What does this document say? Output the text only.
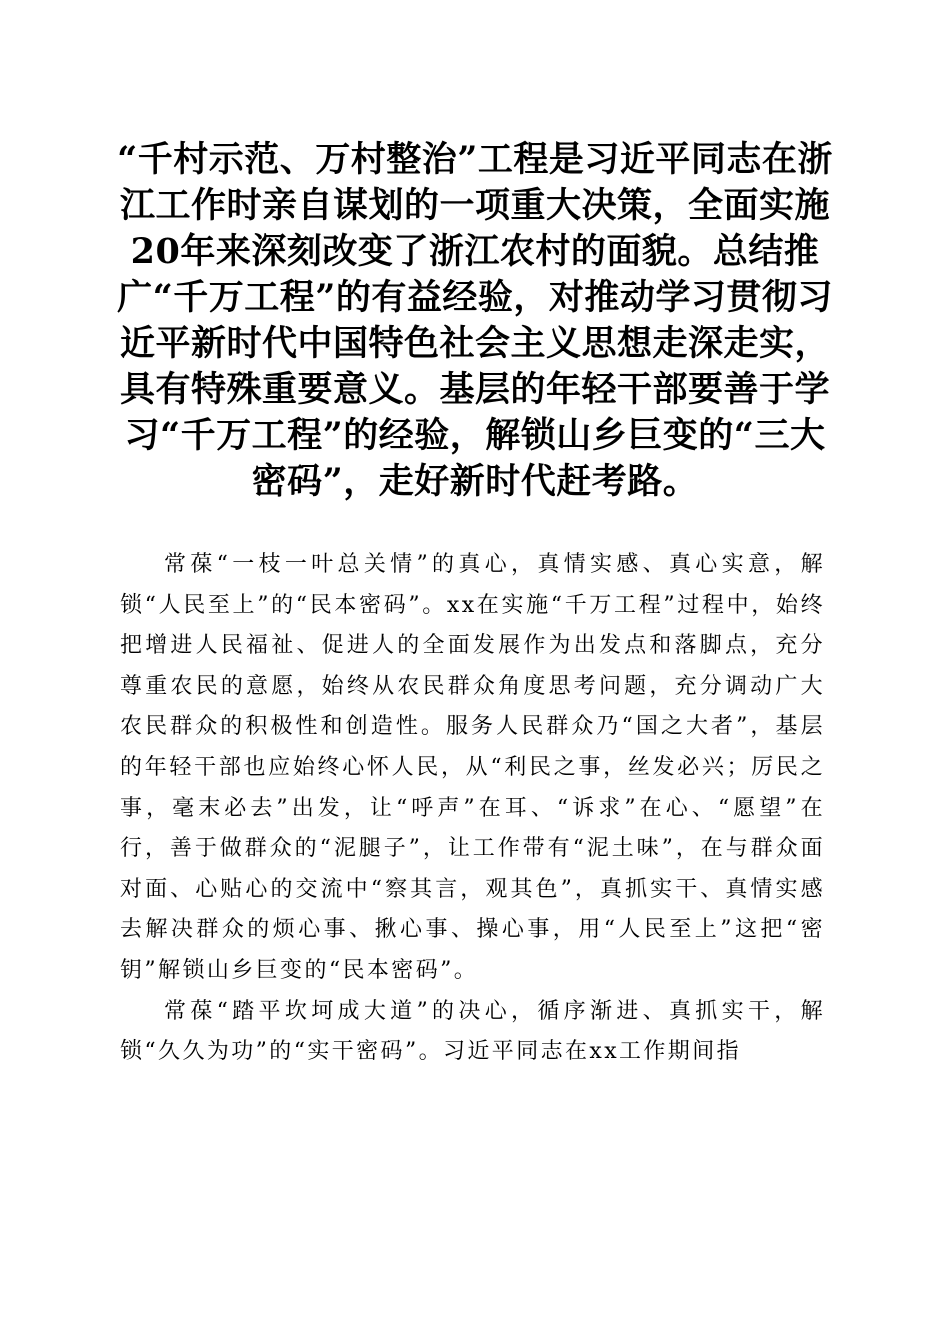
“千村示范、万村整治”工程是习近平同志在浙江工作时亲自谋划的一项重大决策，全面实施20年来深刻改变了浙江农村的面貌。总结推广“千万工程”的有益经验，对推动学习贯彻习近平新时代中国特色社会主义思想走深走实，具有特殊重要意义。基层的年轻干部要善于学习“千万工程”的经验，解锁山乡巨变的“三大密码”，走好新时代赶考路。

常葆“一枝一叶总关情”的真心，真情实感、真心实意，解锁“人民至上”的“民本密码”。xx在实施“千万工程”过程中，始终把增进人民福祉、促进人的全面发展作为出发点和落脚点，充分尊重农民的意愿，始终从农民群众角度思考问题，充分调动广大农民群众的积极性和创造性。服务人民群众乃“国之大者”，基层的年轻干部也应始终心怀人民，从“利民之事，丝发必兴；厉民之事，毫末必去”出发，让“呼声”在耳、“诉求”在心、“愿望”在行，善于做群众的“泥腿子”，让工作带有“泥土味”，在与群众面对面、心贴心的交流中“察其言，观其色”，真抓实干、真情实感去解决群众的烦心事、揪心事、操心事，用“人民至上”这把“密钥”解锁山乡巨变的“民本密码”。

常葆“踏平坎坷成大道”的决心，循序渐进、真抓实干，解锁“久久为功”的“实干密码”。习近平同志在xx工作期间指
